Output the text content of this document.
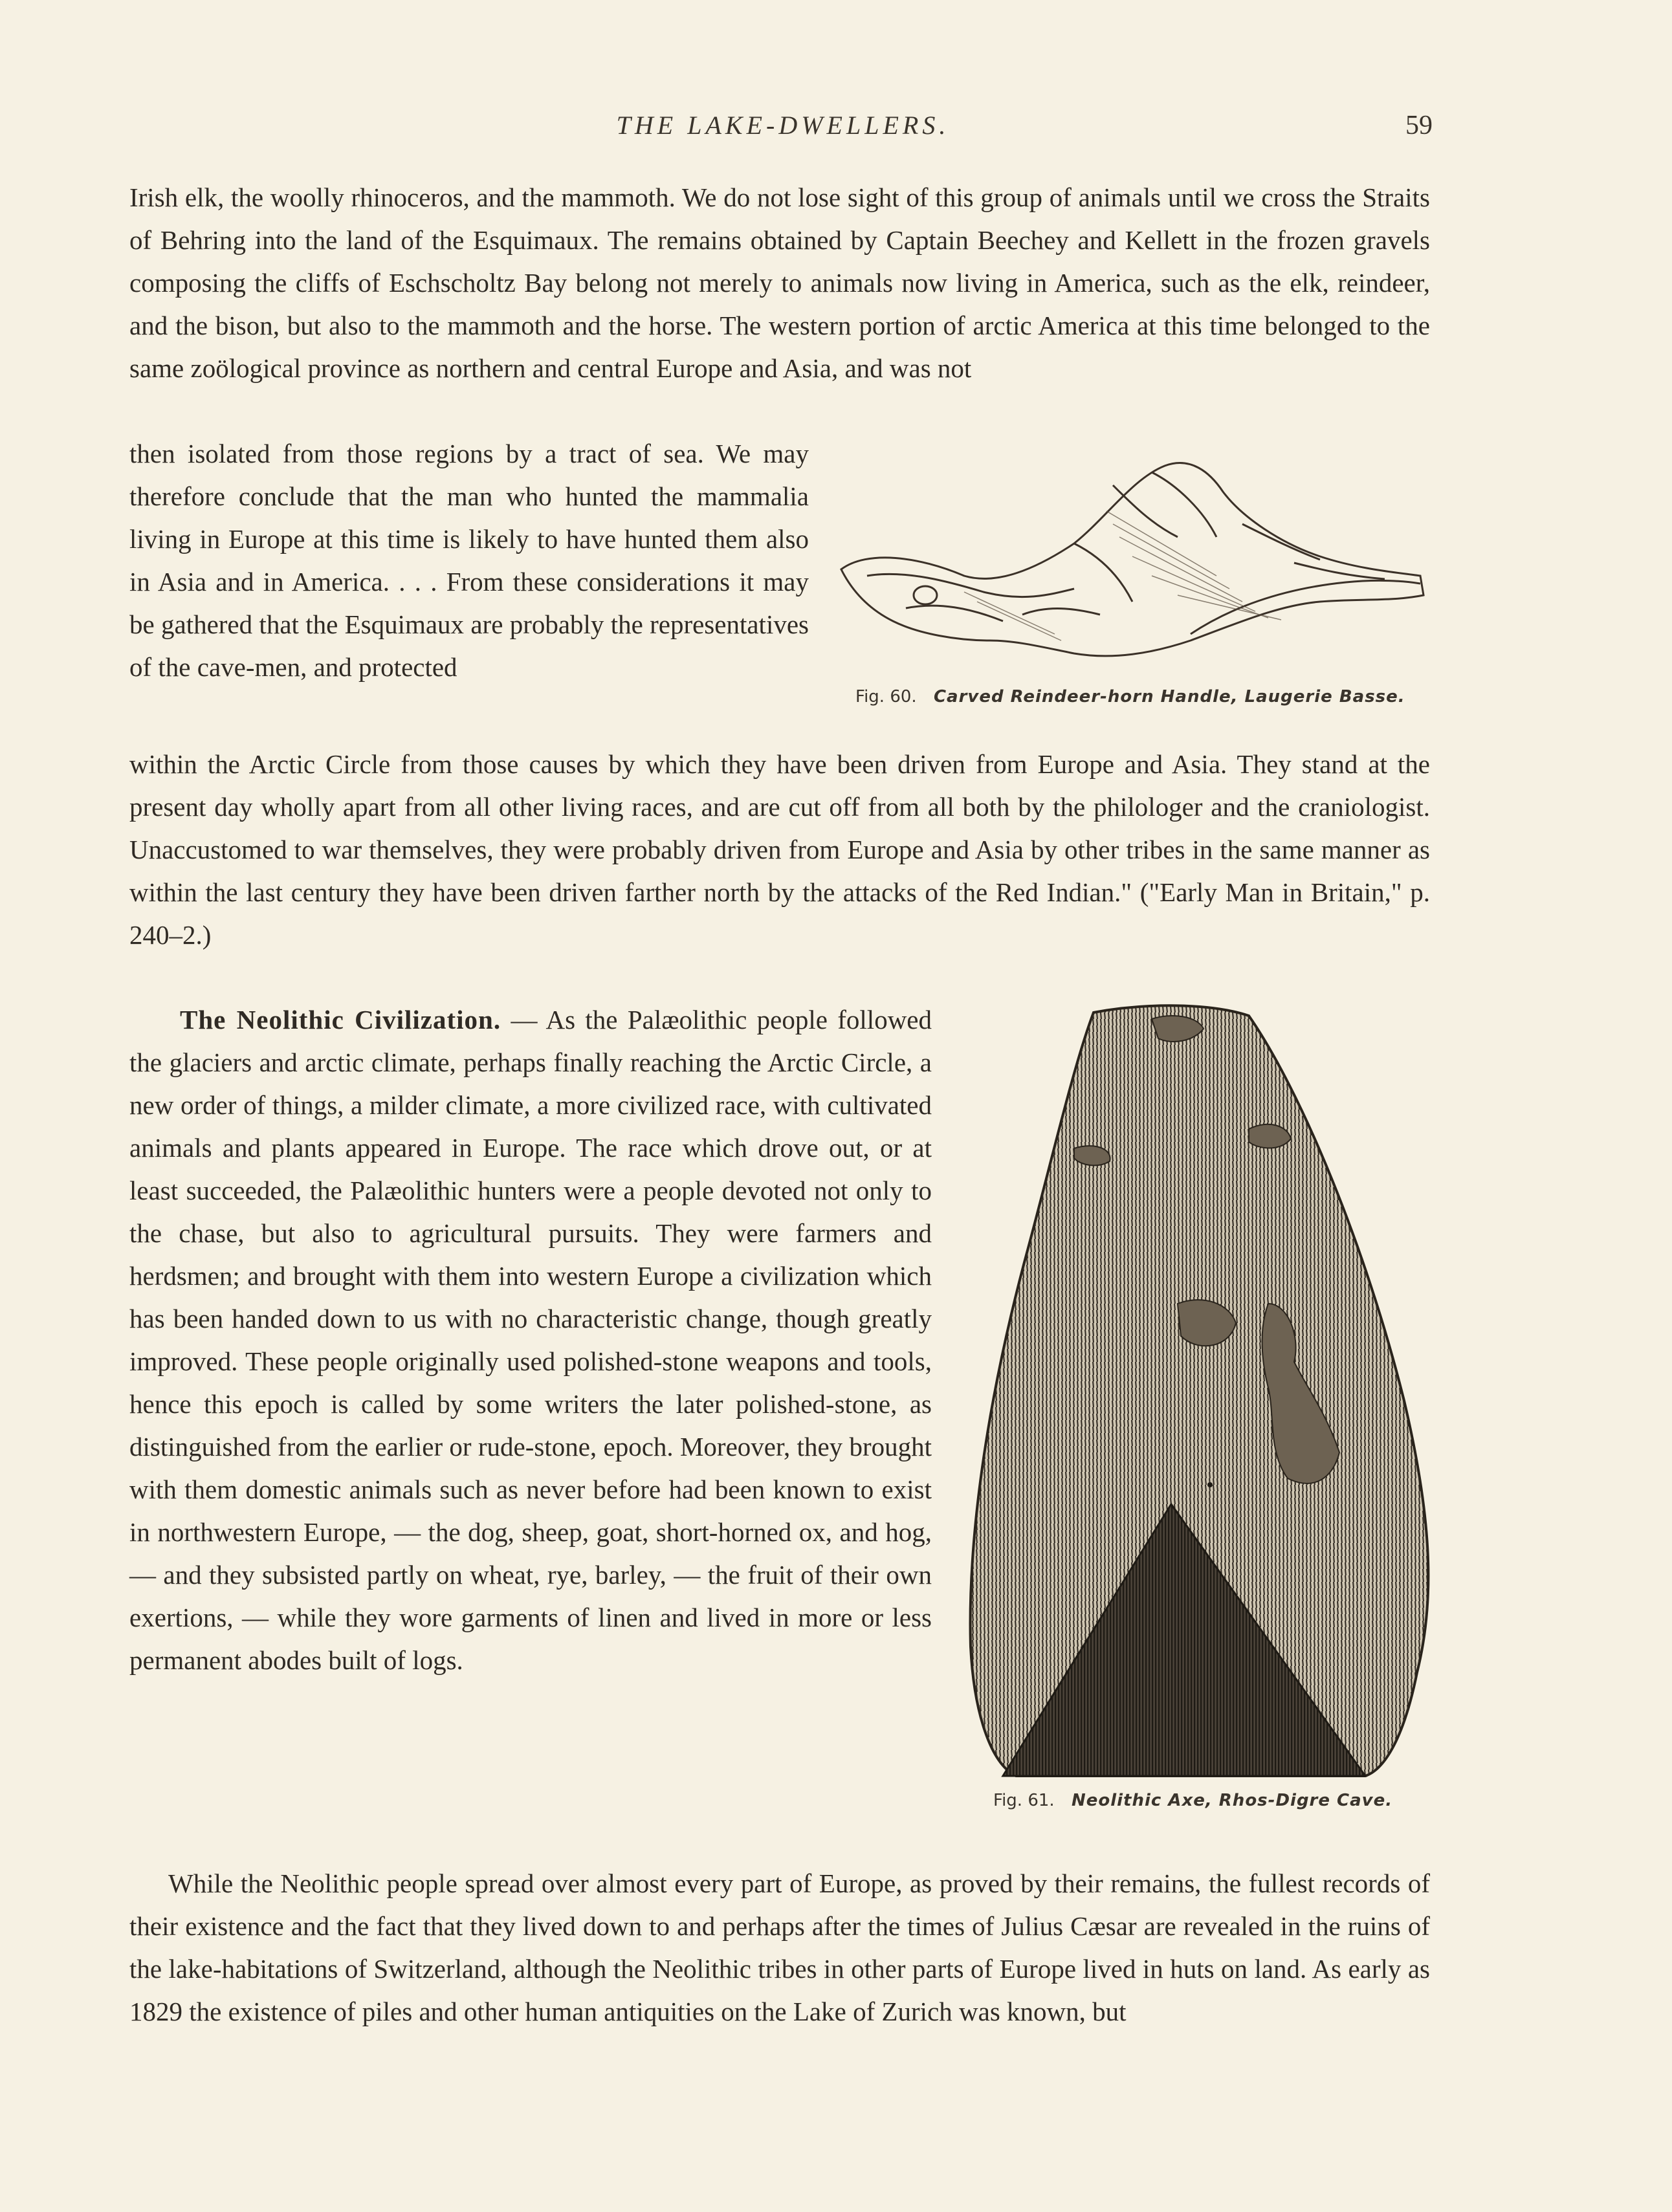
THE LAKE-DWELLERS.	59

Irish elk, the woolly rhinoceros, and the mammoth. We do not lose sight of this group of animals until we cross the Straits of Behring into the land of the Esquimaux. The remains obtained by Captain Beechey and Kellett in the frozen gravels composing the cliffs of Eschscholtz Bay belong not merely to animals now living in America, such as the elk, reindeer, and the bison, but also to the mammoth and the horse. The western portion of arctic America at this time belonged to the same zoölogical province as northern and central Europe and Asia, and was not

then isolated from those regions by a tract of sea. We may therefore conclude that the man who hunted the mammalia living in Europe at this time is likely to have hunted them also in Asia and in America. . . . From these considerations it may be gathered that the Esquimaux are probably the representatives of the cave-men, and protected
Fig. 60. Carved Reindeer-horn Handle, Laugerie Basse.

within the Arctic Circle from those causes by which they have been driven from Europe and Asia. They stand at the present day wholly apart from all other living races, and are cut off from all both by the philologer and the craniologist. Unaccustomed to war themselves, they were probably driven from Europe and Asia by other tribes in the same manner as within the last century they have been driven farther north by the attacks of the Red Indian." ("Early Man in Britain," p. 240–2.)

The Neolithic Civilization. — As the Palæolithic people followed the glaciers and arctic climate, perhaps finally reaching the Arctic Circle, a new order of things, a milder climate, a more civilized race, with cultivated animals and plants appeared in Europe. The race which drove out, or at least succeeded, the Palæolithic hunters were a people devoted not only to the chase, but also to agricultural pursuits. They were farmers and herdsmen; and brought with them into western Europe a civilization which has been handed down to us with no characteristic change, though greatly improved. These people originally used polished-stone weapons and tools, hence this epoch is called by some writers the later polished-stone, as distinguished from the earlier or rude-stone, epoch. Moreover, they brought with them domestic animals such as never before had been known to exist in northwestern Europe, — the dog, sheep, goat, short-horned ox, and hog, — and they subsisted partly on wheat, rye, barley, — the fruit of their own exertions, — while they wore garments of linen and lived in more or less permanent abodes built of logs.
Fig. 61. Neolithic Axe, Rhos-Digre Cave.

While the Neolithic people spread over almost every part of Europe, as proved by their remains, the fullest records of their existence and the fact that they lived down to and perhaps after the times of Julius Cæsar are revealed in the ruins of the lake-habitations of Switzerland, although the Neolithic tribes in other parts of Europe lived in huts on land. As early as 1829 the existence of piles and other human antiquities on the Lake of Zurich was known, but
